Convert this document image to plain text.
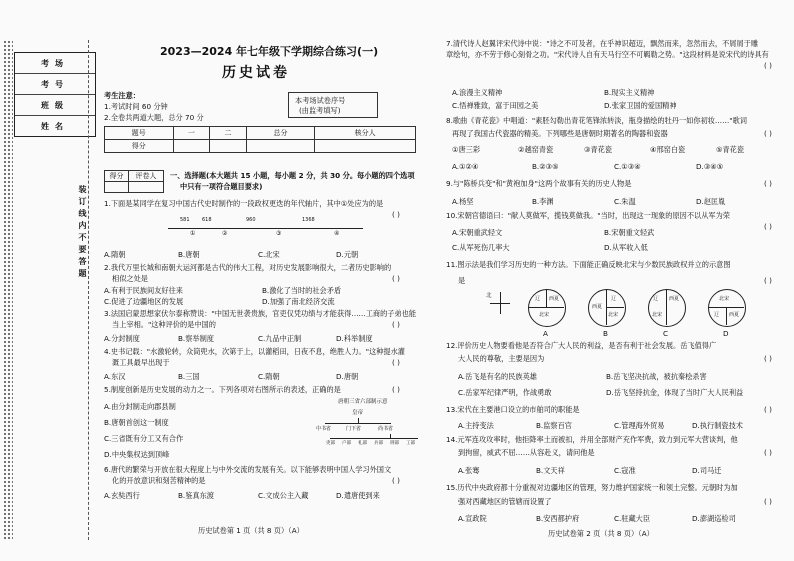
考场
考号
班级
姓名
装订线内不要答题
2023—2024 年七年级下学期综合练习(一)
历史试卷
考生注意：
1.考试时间 60 分钟
2.全卷共两道大题，总分 70 分
本考场试卷序号
(由监考填写)
题号	一	二	总分	核分人
得分				
得分	评卷人
	一、选择题(本大题共 15 小题，每小题 2 分，共 30 分。每小题的四个选项
中只有一项符合题目要求)
1.下面是某同学在复习中国古代史时制作的一段政权更迭的年代轴片，其中①处应为的是
( )
581 618	960	1368
①	②	③	④
A.隋朝	B.唐朝	C.北宋	D.元朝
2.我代万里长城和南朝大运河都是古代的伟大工程，对历史发展影响很大，二者历史影响的
相似之处是	( )
A.有利于民族间友好往来	B.激化了当时的社会矛盾
C.促进了边疆地区的发展	D.加强了南北经济交流
3.法国启蒙思想家伏尔泰称赞说："中国无世袭贵族，官吏仅凭功绩与才能获得……工商的子弟也能
当上宰相。"这种评价的是中国的	( )
A.分封制度	B.察举制度	C.九品中正制	D.科举制度
4.史书记载："水激轮转，众筒兜水，次第于上，以灌稻田，日夜不息，绝胜人力。"这种提水灌
溉工具最早出现于	( )
A.东汉	B.三国	C.隋朝	D.唐朝
5.制度创新是历史发展的动力之一。下列各项对右图所示的表述，正确的是	( )
A.由分封制走向郡县制
B.唐朝首创这一制度
C.三省既有分工又有合作
D.中央集权达到顶峰
唐朝三省六部制示意
皇帝
中书省	门下省	尚书省
吏部 户部 礼部 兵部 刑部 工部
6.唐代的繁荣与开放在很大程度上与中外交流的发展有关。以下能够表明中国人学习外国文
化的开放意识和刻苦精神的是	( )
A.玄奘西行	B.鉴真东渡	C.文成公主入藏	D.遣唐使到来
历史试卷第 1 页（共 8 页）（A）
7.清代诗人赵翼评宋代诗中说："诗之不可及者，在乎神识超迈，飘然而来，忽然而去，不屑屑于雕
章绘句，亦不劳于修心刻骨之功。"宋代诗人自有天马行空不可羁勒之势。"这段材料是说宋代的诗具有
( )
A.浪漫主义精神	B.现实主义精神
C.悟禅雅致，富于田园之美	D.张家卫国的爱国精神
8.歌曲《青花瓷》中唱道："素胚勾勒出青花笔锋浓转淡，瓶身描绘的牡丹一如你初妆……"歌词
再现了我国古代瓷器的精美。下列哪些是唐朝时期著名的陶器和瓷器	( )
①唐三彩	②越窑青瓷	③青花瓷	④邢窑白瓷	⑤青花瓷
A.①②④	B.②③⑤	C.①③④	D.③④⑤
9.与"陈桥兵变"和"黄袍加身"这两个故事有关的历史人物是	( )
A.杨坚	B.李渊	C.朱温	D.赵匡胤
10.宋朝官德语曰："献人莫做军，揽钱莫做我。"当时，出现这一现象的原因不以从军为荣
( )
A.宋朝重武轻文	B.宋朝重文轻武
C.从军死伤几率大	D.从军收入低
11.图示法是我们学习历史的一种方法。下面能正确反映北宋与少数民族政权并立的示意图
是	( )
北	辽 西夏
北宋
A
西夏
辽
北宋
B
辽 西夏
北宋
C
北宋
辽 西夏
D
12.评价历史人物要看他是否符合广大人民的利益，是否有利于社会发展。岳飞值得广
大人民的尊敬，主要是因为	( )
A.岳飞是有名的民族英雄	B.岳飞坚决抗战，被抗秦桧杀害
C.岳家军纪律严明，作战勇敢	D.岳飞坚持抗金，体现了当时广大人民利益
13.宋代在主要港口设立的市舶司的职能是	( )
A.主持变法	B.监察百官	C.管理海外贸易	D.执行制瓷技术
14.元军连攻攻率时，他拒降率土而被扣，并用全部财产充作军费，致力到元军大营谈判，他
到拘留，威武不屈……从容赴义，请问他是	( )
A.张骞	B.文天祥	C.寇准	D.司马迁
15.历代中央政府都十分重视对边疆地区的管理，努力维护国家统一和领土完整。元朝时为加
强对西藏地区的管辖而设置了	( )
A.宣政院	B.安西都护府	C.驻藏大臣	D.澎湖巡检司
历史试卷第 2 页（共 8 页）（A）
